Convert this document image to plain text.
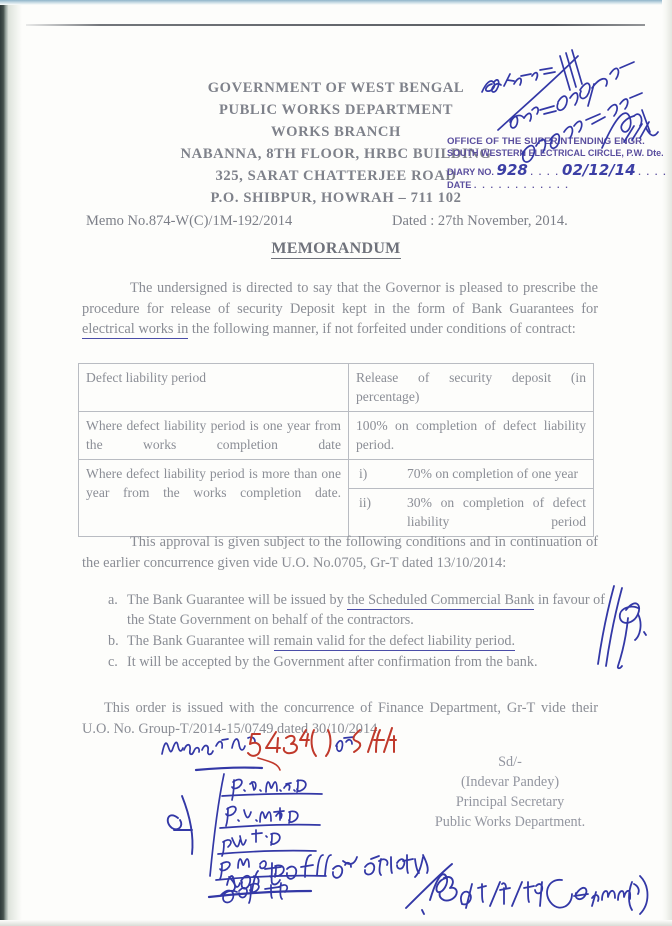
GOVERNMENT OF WEST BENGAL
PUBLIC WORKS DEPARTMENT
WORKS BRANCH
NABANNA, 8TH FLOOR, HRBC BUILDING
325, SARAT CHATTERJEE ROAD
P.O. SHIBPUR, HOWRAH – 711 102
OFFICE OF THE SUPERINTENDING ENGR.
SOUTH WESTERN ELECTRICAL CIRCLE, P.W. Dte.
DIARY NO. 928 . . . . 02/12/14 . . . .
DATE . . . . . . . . . . . .
Memo No.874-W(C)/1M-192/2014	Dated : 27th November, 2014.
MEMORANDUM
The undersigned is directed to say that the Governor is pleased to prescribe the procedure for release of security Deposit kept in the form of Bank Guarantees for electrical works in the following manner, if not forfeited under conditions of contract:
Defect liability period	Release of security deposit (in percentage)
Where defect liability period is one year from the works completion date	100% on completion of defect liability period.
Where defect liability period is more than one year from the works completion date.	
i)	70% on completion of one year
ii)	30% on completion of defect liability period
This approval is given subject to the following conditions and in continuation of the earlier concurrence given vide U.O. No.0705, Gr-T dated 13/10/2014:
a. The Bank Guarantee will be issued by the Scheduled Commercial Bank in favour of the State Government on behalf of the contractors.
b. The Bank Guarantee will remain valid for the defect liability period.
c. It will be accepted by the Government after confirmation from the bank.
This order is issued with the concurrence of Finance Department, Gr-T vide their U.O. No. Group-T/2014-15/0749 dated 30/10/2014.
Sd/-
(Indevar Pandey)
Principal Secretary
Public Works Department.
